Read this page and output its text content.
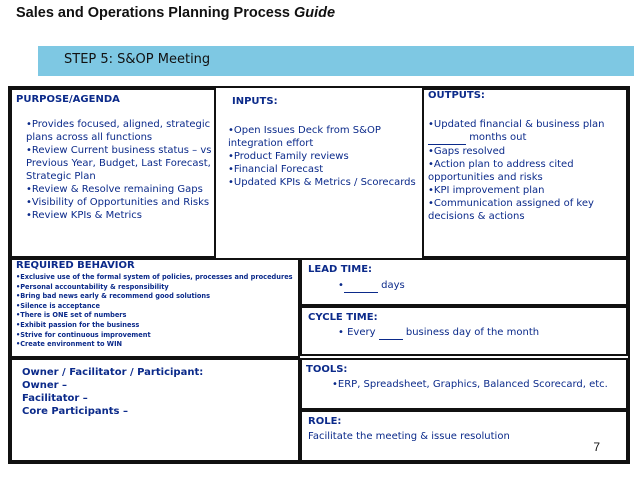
Sales and Operations Planning Process Guide
STEP 5: S&OP Meeting
PURPOSE/AGENDA
•Provides focused, aligned, strategic plans across all functions
•Review Current business status – vs Previous Year, Budget, Last Forecast, Strategic Plan
•Review & Resolve remaining Gaps
•Visibility of Opportunities and Risks
•Review KPIs & Metrics
INPUTS:
•Open Issues Deck from S&OP integration effort
•Product Family reviews
•Financial Forecast
•Updated KPIs & Metrics / Scorecards
OUTPUTS:
•Updated financial & business plan   months out
•Gaps resolved
•Action plan to address cited opportunities and risks
•KPI improvement plan
•Communication assigned of key decisions & actions
REQUIRED BEHAVIOR
•Exclusive use of the formal system of policies, processes and procedures
•Personal accountability & responsibility
•Bring bad news early & recommend good solutions
•Silence is acceptance
•There is ONE set of numbers
•Exhibit passion for the business
•Strive for continuous improvement
•Create environment to WIN
LEAD TIME:
•	days
CYCLE TIME:
• Every	business day of the month
Owner / Facilitator / Participant:
Owner –
Facilitator –
Core Participants –
TOOLS:
•ERP, Spreadsheet, Graphics, Balanced Scorecard, etc.
ROLE:
Facilitate the meeting & issue resolution
7
